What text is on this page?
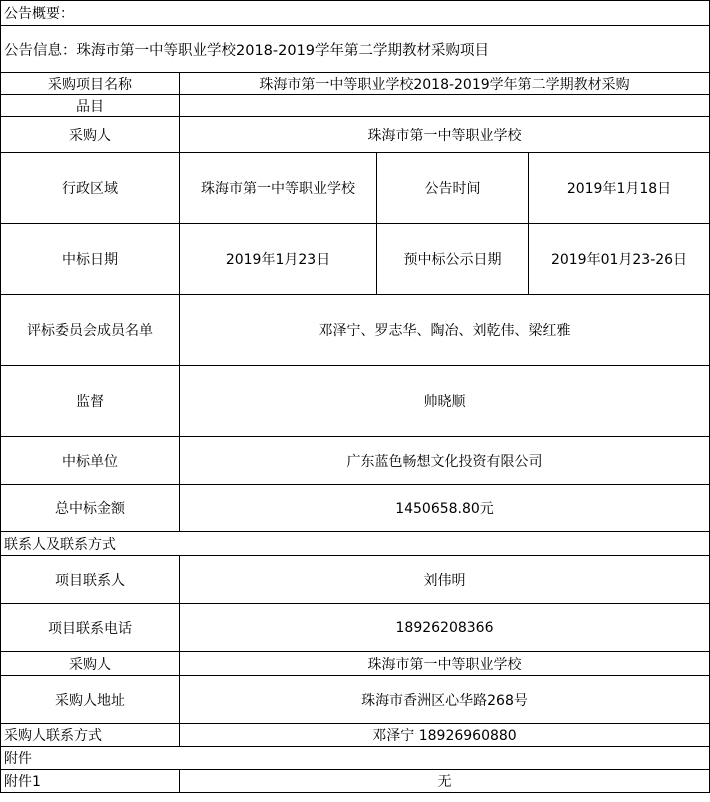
公告概要：			
公告信息：珠海市第一中等职业学校2018-2019学年第二学期教材采购项目			
采购项目名称	珠海市第一中等职业学校2018-2019学年第二学期教材采购		
品目			
采购人	珠海市第一中等职业学校		
行政区域	珠海市第一中等职业学校	公告时间	2019年1月18日
中标日期	2019年1月23日	预中标公示日期	2019年01月23-26日
评标委员会成员名单	邓泽宁、罗志华、陶冶、刘乾伟、梁红雅		
监督	帅晓顺		
中标单位	广东蓝色畅想文化投资有限公司		
总中标金额	1450658.80元		
联系人及联系方式			
项目联系人	刘伟明		
项目联系电话	18926208366		
采购人	珠海市第一中等职业学校		
采购人地址	珠海市香洲区心华路268号		
采购人联系方式	邓泽宁 18926960880		
附件			
附件1	无		
